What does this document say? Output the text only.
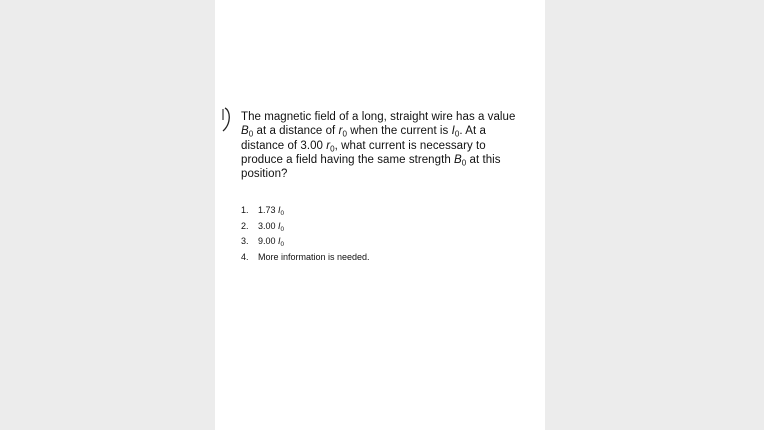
The magnetic field of a long, straight wire has a value
$B_0$ at a distance of $r_0$ when the current is $I_0$. At a
distance of 3.00 $r_0$, what current is necessary to
produce a field having the same strength $B_0$ at this
position?
1.	1.73 $I_0$
2.	3.00 $I_0$
3.	9.00 $I_0$
4.	More information is needed.
